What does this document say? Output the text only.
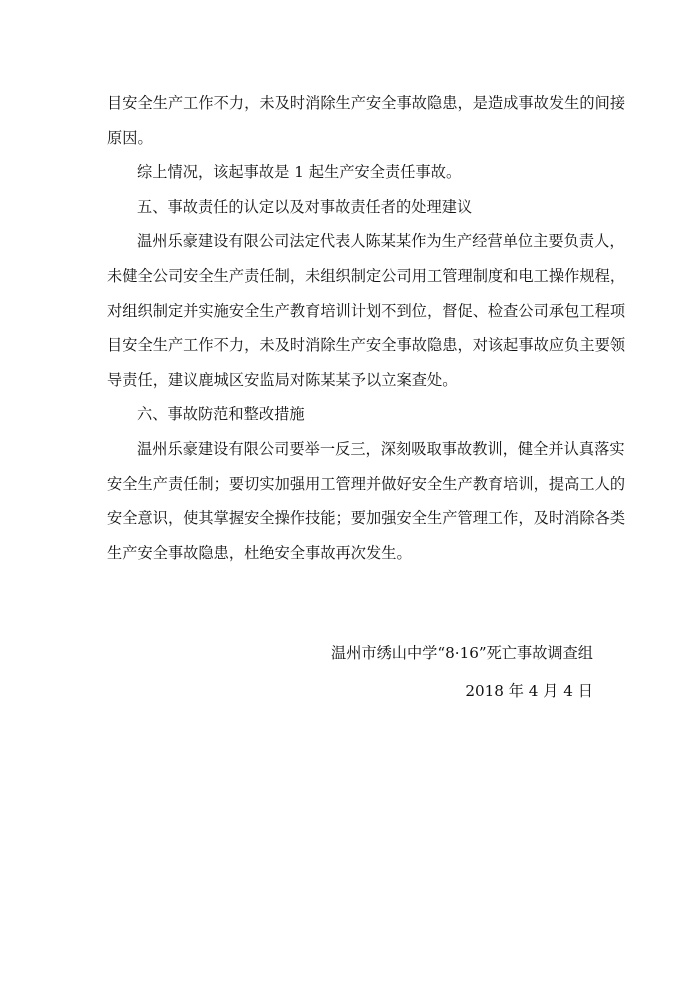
目安全生产工作不力，未及时消除生产安全事故隐患，是造成事故发生的间接
原因。
综上情况，该起事故是 1 起生产安全责任事故。
五、事故责任的认定以及对事故责任者的处理建议
温州乐豪建设有限公司法定代表人陈某某作为生产经营单位主要负责人，
未健全公司安全生产责任制，未组织制定公司用工管理制度和电工操作规程，
对组织制定并实施安全生产教育培训计划不到位，督促、检查公司承包工程项
目安全生产工作不力，未及时消除生产安全事故隐患，对该起事故应负主要领
导责任，建议鹿城区安监局对陈某某予以立案查处。
六、事故防范和整改措施
温州乐豪建设有限公司要举一反三，深刻吸取事故教训，健全并认真落实
安全生产责任制；要切实加强用工管理并做好安全生产教育培训，提高工人的
安全意识，使其掌握安全操作技能；要加强安全生产管理工作，及时消除各类
生产安全事故隐患，杜绝安全事故再次发生。
温州市绣山中学“8·16”死亡事故调查组
2018 年 4 月 4 日
